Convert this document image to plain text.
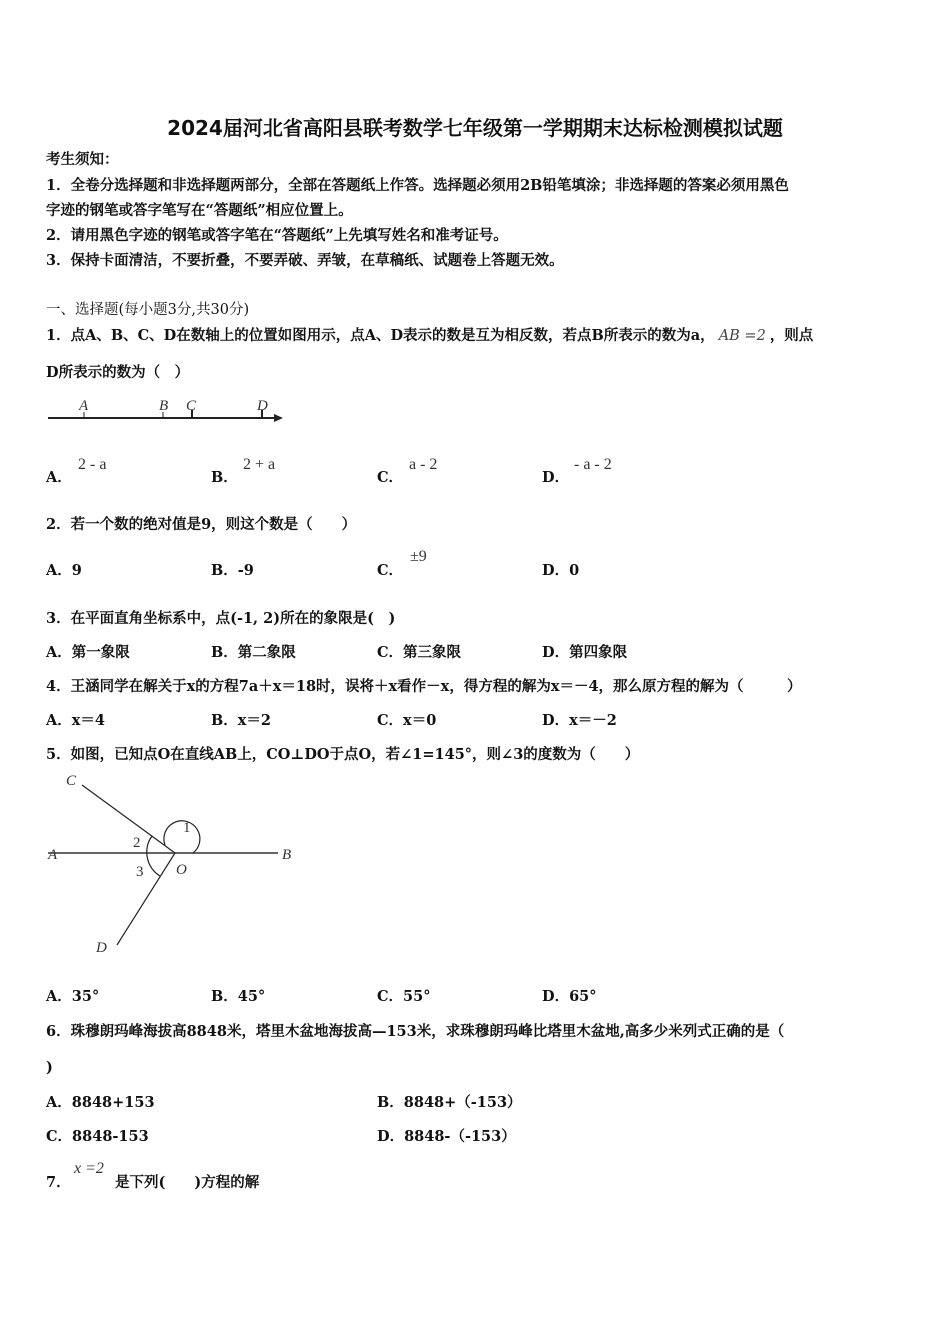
2024届河北省高阳县联考数学七年级第一学期期末达标检测模拟试题
考生须知：
1．全卷分选择题和非选择题两部分，全部在答题纸上作答。选择题必须用2B铅笔填涂；非选择题的答案必须用黑色
字迹的钢笔或答字笔写在“答题纸”相应位置上。
2．请用黑色字迹的钢笔或答字笔在“答题纸”上先填写姓名和准考证号。
3．保持卡面清洁，不要折叠，不要弄破、弄皱，在草稿纸、试题卷上答题无效。
一、选择题(每小题3分,共30分)
1．点A、B、C、D在数轴上的位置如图用示，点A、D表示的数是互为相反数，若点B所表示的数为a， AB =2 ，则点
D所表示的数为（　）
A	B C	D
A．
2 - a
B．
2 + a
C．
a - 2
D．
- a - 2
2．若一个数的绝对值是9，则这个数是（　　）
A．9	B．-9	C．
±9
D．0
3．在平面直角坐标系中，点(-1, 2)所在的象限是(　)
A．第一象限	B．第二象限	C．第三象限	D．第四象限
4．王涵同学在解关于x的方程7a＋x＝18时，误将＋x看作－x，得方程的解为x＝－4，那么原方程的解为（　　　）
A．x＝4	B．x＝2	C．x＝0	D．x＝－2
5．如图，已知点O在直线AB上，CO⊥DO于点O，若∠1=145°，则∠3的度数为（　　）
C
A	B
D
O
1
2
3
A．35°	B．45°	C．55°	D．65°
6．珠穆朗玛峰海拔高8848米，塔里木盆地海拔高—153米，求珠穆朗玛峰比塔里木盆地,高多少米列式正确的是（
)
A．8848+153	B．8848+（-153）
C．8848-153	D．8848-（-153）
7．
x =2
是下列(　　)方程的解
